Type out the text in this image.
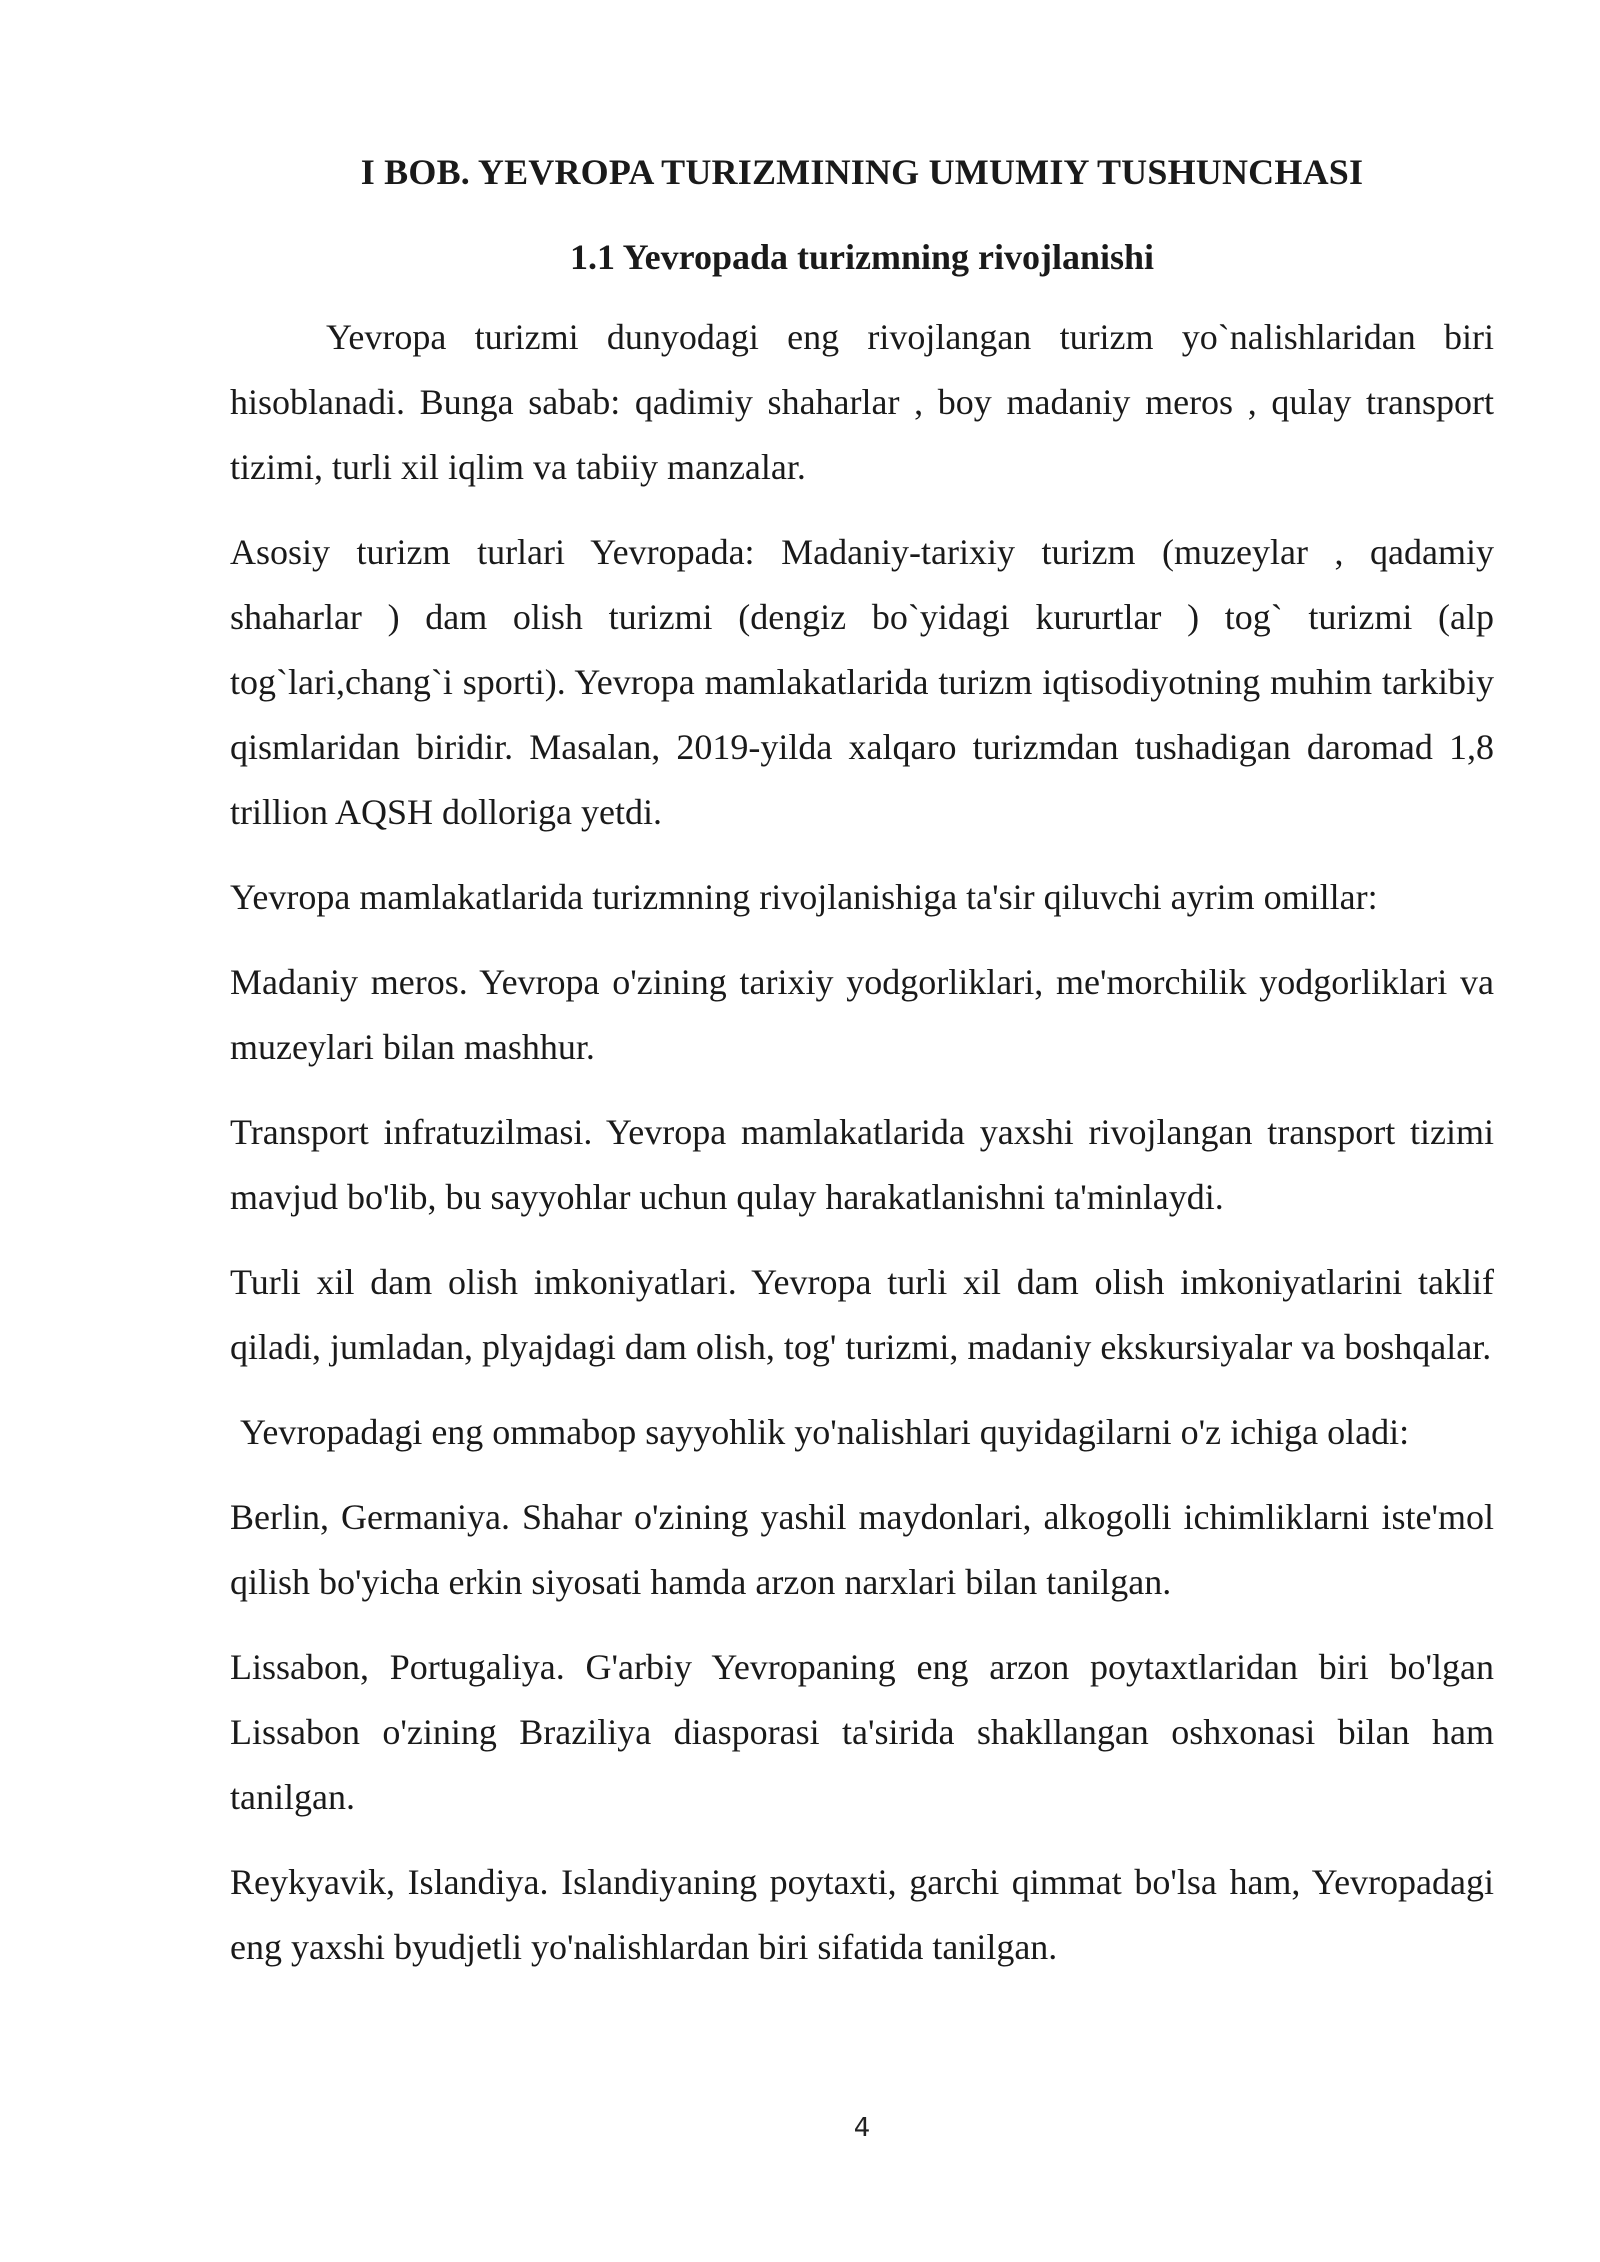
I BOB. YEVROPA TURIZMINING UMUMIY TUSHUNCHASI
1.1 Yevropada turizmning rivojlanishi

Yevropa turizmi dunyodagi eng rivojlangan turizm yo`nalishlaridan biri hisoblanadi. Bunga sabab: qadimiy shaharlar , boy madaniy meros , qulay transport tizimi, turli xil iqlim va tabiiy manzalar.

Asosiy turizm turlari Yevropada: Madaniy-tarixiy turizm (muzeylar , qadamiy shaharlar ) dam olish turizmi (dengiz bo`yidagi kururtlar ) tog` turizmi (alp tog`lari,chang`i sporti). Yevropa mamlakatlarida turizm iqtisodiyotning muhim tarkibiy qismlaridan biridir. Masalan, 2019-yilda xalqaro turizmdan tushadigan daromad 1,8 trillion AQSH dolloriga yetdi.

Yevropa mamlakatlarida turizmning rivojlanishiga ta'sir qiluvchi ayrim omillar:

Madaniy meros. Yevropa o'zining tarixiy yodgorliklari, me'morchilik yodgorliklari va muzeylari bilan mashhur.

Transport infratuzilmasi. Yevropa mamlakatlarida yaxshi rivojlangan transport tizimi mavjud bo'lib, bu sayyohlar uchun qulay harakatlanishni ta'minlaydi.

Turli xil dam olish imkoniyatlari. Yevropa turli xil dam olish imkoniyatlarini taklif qiladi, jumladan, plyajdagi dam olish, tog' turizmi, madaniy ekskursiyalar va boshqalar.

Yevropadagi eng ommabop sayyohlik yo'nalishlari quyidagilarni o'z ichiga oladi:

Berlin, Germaniya. Shahar o'zining yashil maydonlari, alkogolli ichimliklarni iste'mol qilish bo'yicha erkin siyosati hamda arzon narxlari bilan tanilgan.

Lissabon, Portugaliya. G'arbiy Yevropaning eng arzon poytaxtlaridan biri bo'lgan Lissabon o'zining Braziliya diasporasi ta'sirida shakllangan oshxonasi bilan ham tanilgan.

Reykyavik, Islandiya. Islandiyaning poytaxti, garchi qimmat bo'lsa ham, Yevropadagi eng yaxshi byudjetli yo'nalishlardan biri sifatida tanilgan.

4
